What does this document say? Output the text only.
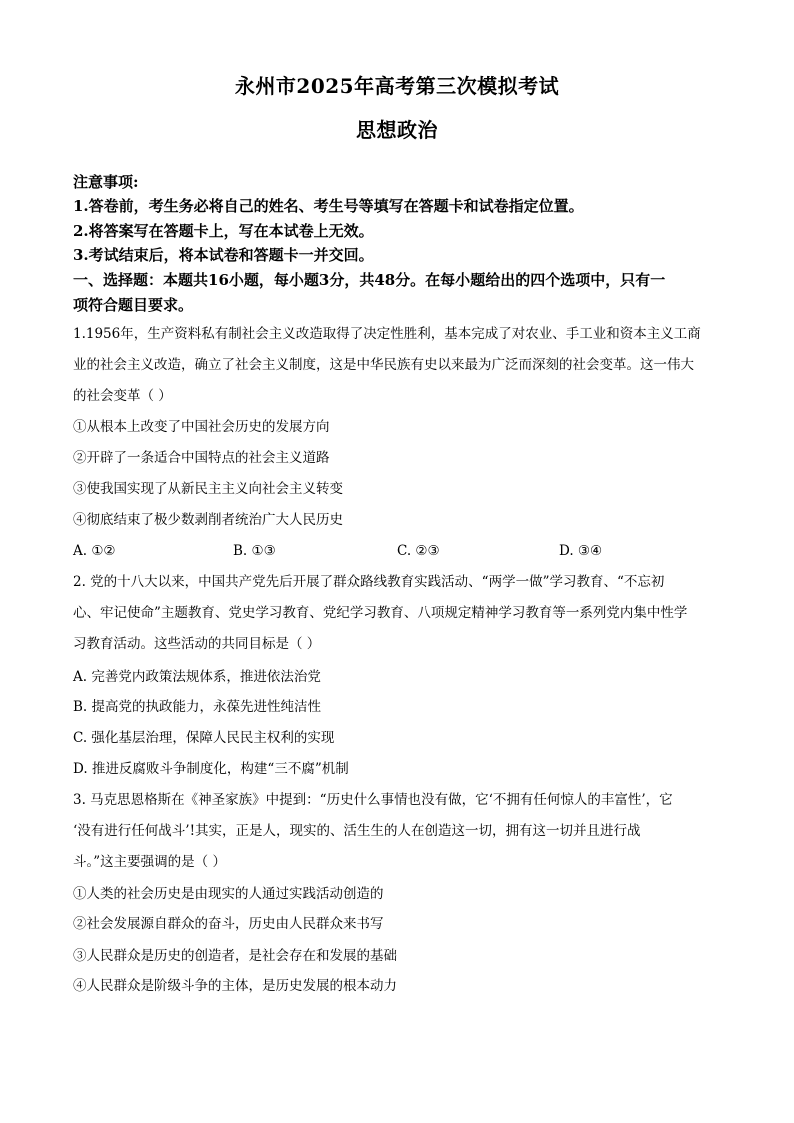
永州市2025年高考第三次模拟考试
思想政治
注意事项:
1.答卷前，考生务必将自己的姓名、考生号等填写在答题卡和试卷指定位置。
2.将答案写在答题卡上，写在本试卷上无效。
3.考试结束后，将本试卷和答题卡一并交回。
一、选择题：本题共16小题，每小题3分，共48分。在每小题给出的四个选项中，只有一
项符合题目要求。
1.1956年，生产资料私有制社会主义改造取得了决定性胜利，基本完成了对农业、手工业和资本主义工商
业的社会主义改造，确立了社会主义制度，这是中华民族有史以来最为广泛而深刻的社会变革。这一伟大
的社会变革（ ）
①从根本上改变了中国社会历史的发展方向
②开辟了一条适合中国特点的社会主义道路
③使我国实现了从新民主主义向社会主义转变
④彻底结束了极少数剥削者统治广大人民历史
A. ①②	B. ①③	C. ②③	D. ③④
2. 党的十八大以来，中国共产党先后开展了群众路线教育实践活动、“两学一做”学习教育、“不忘初
心、牢记使命”主题教育、党史学习教育、党纪学习教育、八项规定精神学习教育等一系列党内集中性学
习教育活动。这些活动的共同目标是（ ）
A. 完善党内政策法规体系，推进依法治党
B. 提高党的执政能力，永葆先进性纯洁性
C. 强化基层治理，保障人民民主权利的实现
D. 推进反腐败斗争制度化，构建“三不腐”机制
3. 马克思恩格斯在《神圣家族》中提到：“历史什么事情也没有做，它‘不拥有任何惊人的丰富性’，它
‘没有进行任何战斗’!其实，正是人，现实的、活生生的人在创造这一切，拥有这一切并且进行战
斗。”这主要强调的是（ ）
①人类的社会历史是由现实的人通过实践活动创造的
②社会发展源自群众的奋斗，历史由人民群众来书写
③人民群众是历史的创造者，是社会存在和发展的基础
④人民群众是阶级斗争的主体，是历史发展的根本动力
